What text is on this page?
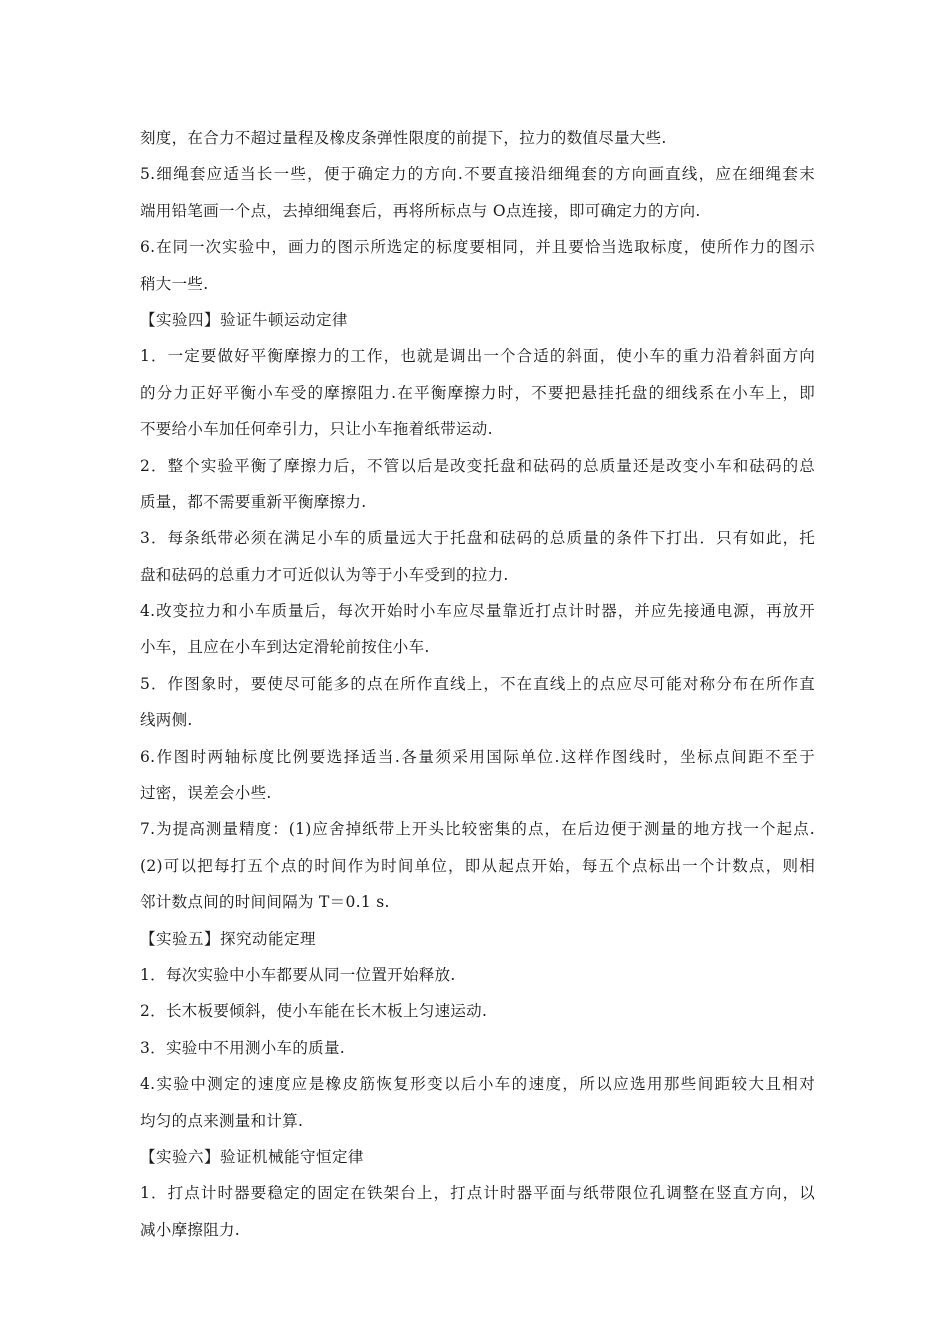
刻度，在合力不超过量程及橡皮条弹性限度的前提下，拉力的数值尽量大些.
5.细绳套应适当长一些，便于确定力的方向.不要直接沿细绳套的方向画直线，应在细绳套末
端用铅笔画一个点，去掉细绳套后，再将所标点与 O点连接，即可确定力的方向.
6.在同一次实验中，画力的图示所选定的标度要相同，并且要恰当选取标度，使所作力的图示
稍大一些.
【实验四】验证牛顿运动定律
1．一定要做好平衡摩擦力的工作，也就是调出一个合适的斜面，使小车的重力沿着斜面方向
的分力正好平衡小车受的摩擦阻力.在平衡摩擦力时，不要把悬挂托盘的细线系在小车上，即
不要给小车加任何牵引力，只让小车拖着纸带运动.
2．整个实验平衡了摩擦力后，不管以后是改变托盘和砝码的总质量还是改变小车和砝码的总
质量，都不需要重新平衡摩擦力.
3．每条纸带必须在满足小车的质量远大于托盘和砝码的总质量的条件下打出．只有如此，托
盘和砝码的总重力才可近似认为等于小车受到的拉力.
4.改变拉力和小车质量后，每次开始时小车应尽量靠近打点计时器，并应先接通电源，再放开
小车，且应在小车到达定滑轮前按住小车.
5．作图象时，要使尽可能多的点在所作直线上，不在直线上的点应尽可能对称分布在所作直
线两侧.
6.作图时两轴标度比例要选择适当.各量须采用国际单位.这样作图线时，坐标点间距不至于
过密，误差会小些.
7.为提高测量精度：(1)应舍掉纸带上开头比较密集的点，在后边便于测量的地方找一个起点.
(2)可以把每打五个点的时间作为时间单位，即从起点开始，每五个点标出一个计数点，则相
邻计数点间的时间间隔为 T＝0.1 s.
【实验五】探究动能定理
1．每次实验中小车都要从同一位置开始释放.
2．长木板要倾斜，使小车能在长木板上匀速运动.
3．实验中不用测小车的质量.
4.实验中测定的速度应是橡皮筋恢复形变以后小车的速度，所以应选用那些间距较大且相对
均匀的点来测量和计算.
【实验六】验证机械能守恒定律
1．打点计时器要稳定的固定在铁架台上，打点计时器平面与纸带限位孔调整在竖直方向，以
减小摩擦阻力.
